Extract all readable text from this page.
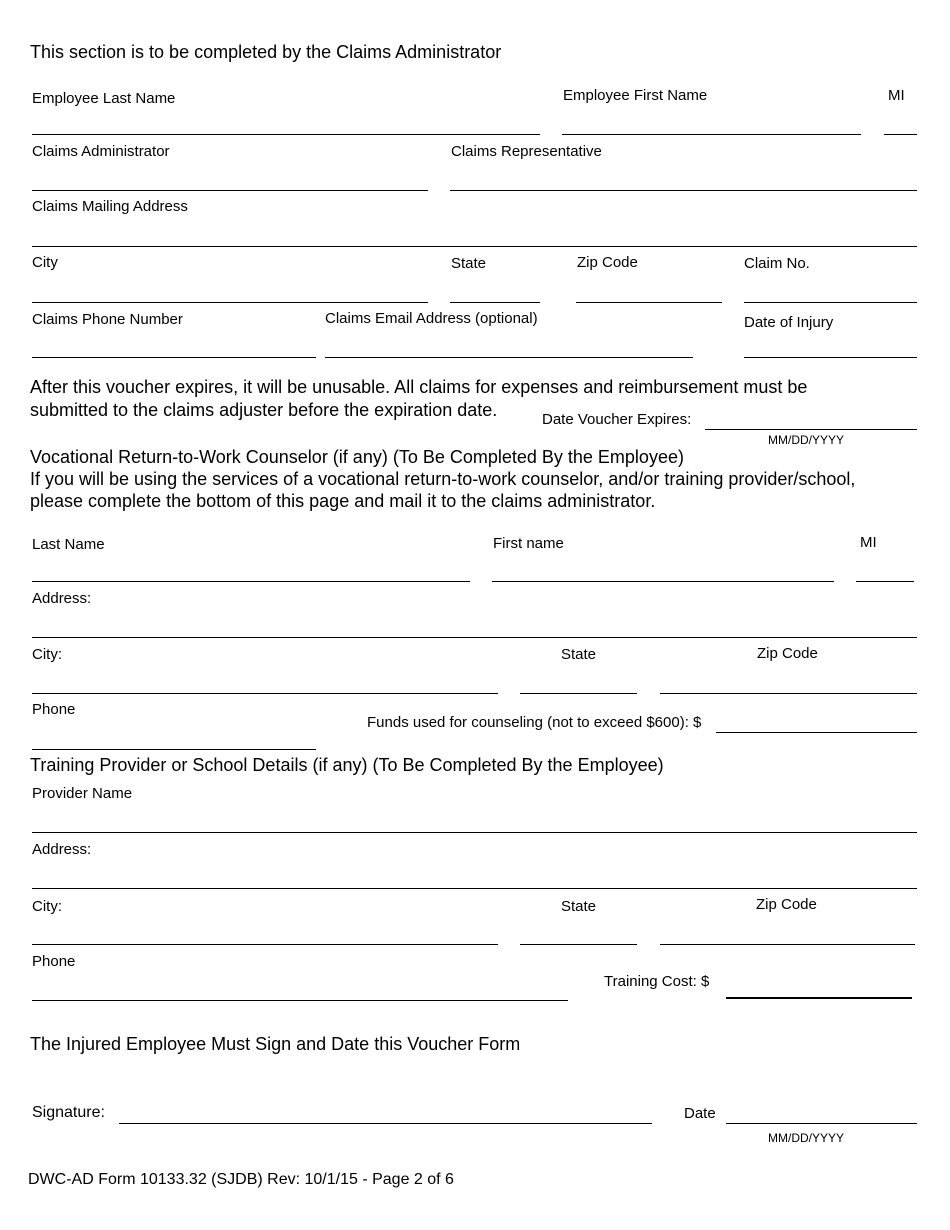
This section is to be completed by the Claims Administrator
Employee Last Name	Employee First Name	MI
Claims Administrator	Claims Representative
Claims Mailing Address
City	State	Zip Code	Claim No.
Claims Phone Number	Claims Email Address (optional)	Date of Injury
After this voucher expires, it will be unusable. All claims for expenses and reimbursement must be
submitted to the claims adjuster before the expiration date.	Date Voucher Expires:
MM/DD/YYYY
Vocational Return-to-Work Counselor (if any) (To Be Completed By the Employee)
If you will be using the services of a vocational return-to-work counselor, and/or training provider/school,
please complete the bottom of this page and mail it to the claims administrator.
Last Name	First name	MI
Address:
City:	State	Zip Code
Phone
Funds used for counseling (not to exceed $600): $
Training Provider or School Details (if any) (To Be Completed By the Employee)
Provider Name
Address:
City:	State	Zip Code
Phone
Training Cost: $
The Injured Employee Must Sign and Date this Voucher Form
Signature:	Date
MM/DD/YYYY
DWC-AD Form 10133.32 (SJDB) Rev: 10/1/15 - Page 2 of 6
